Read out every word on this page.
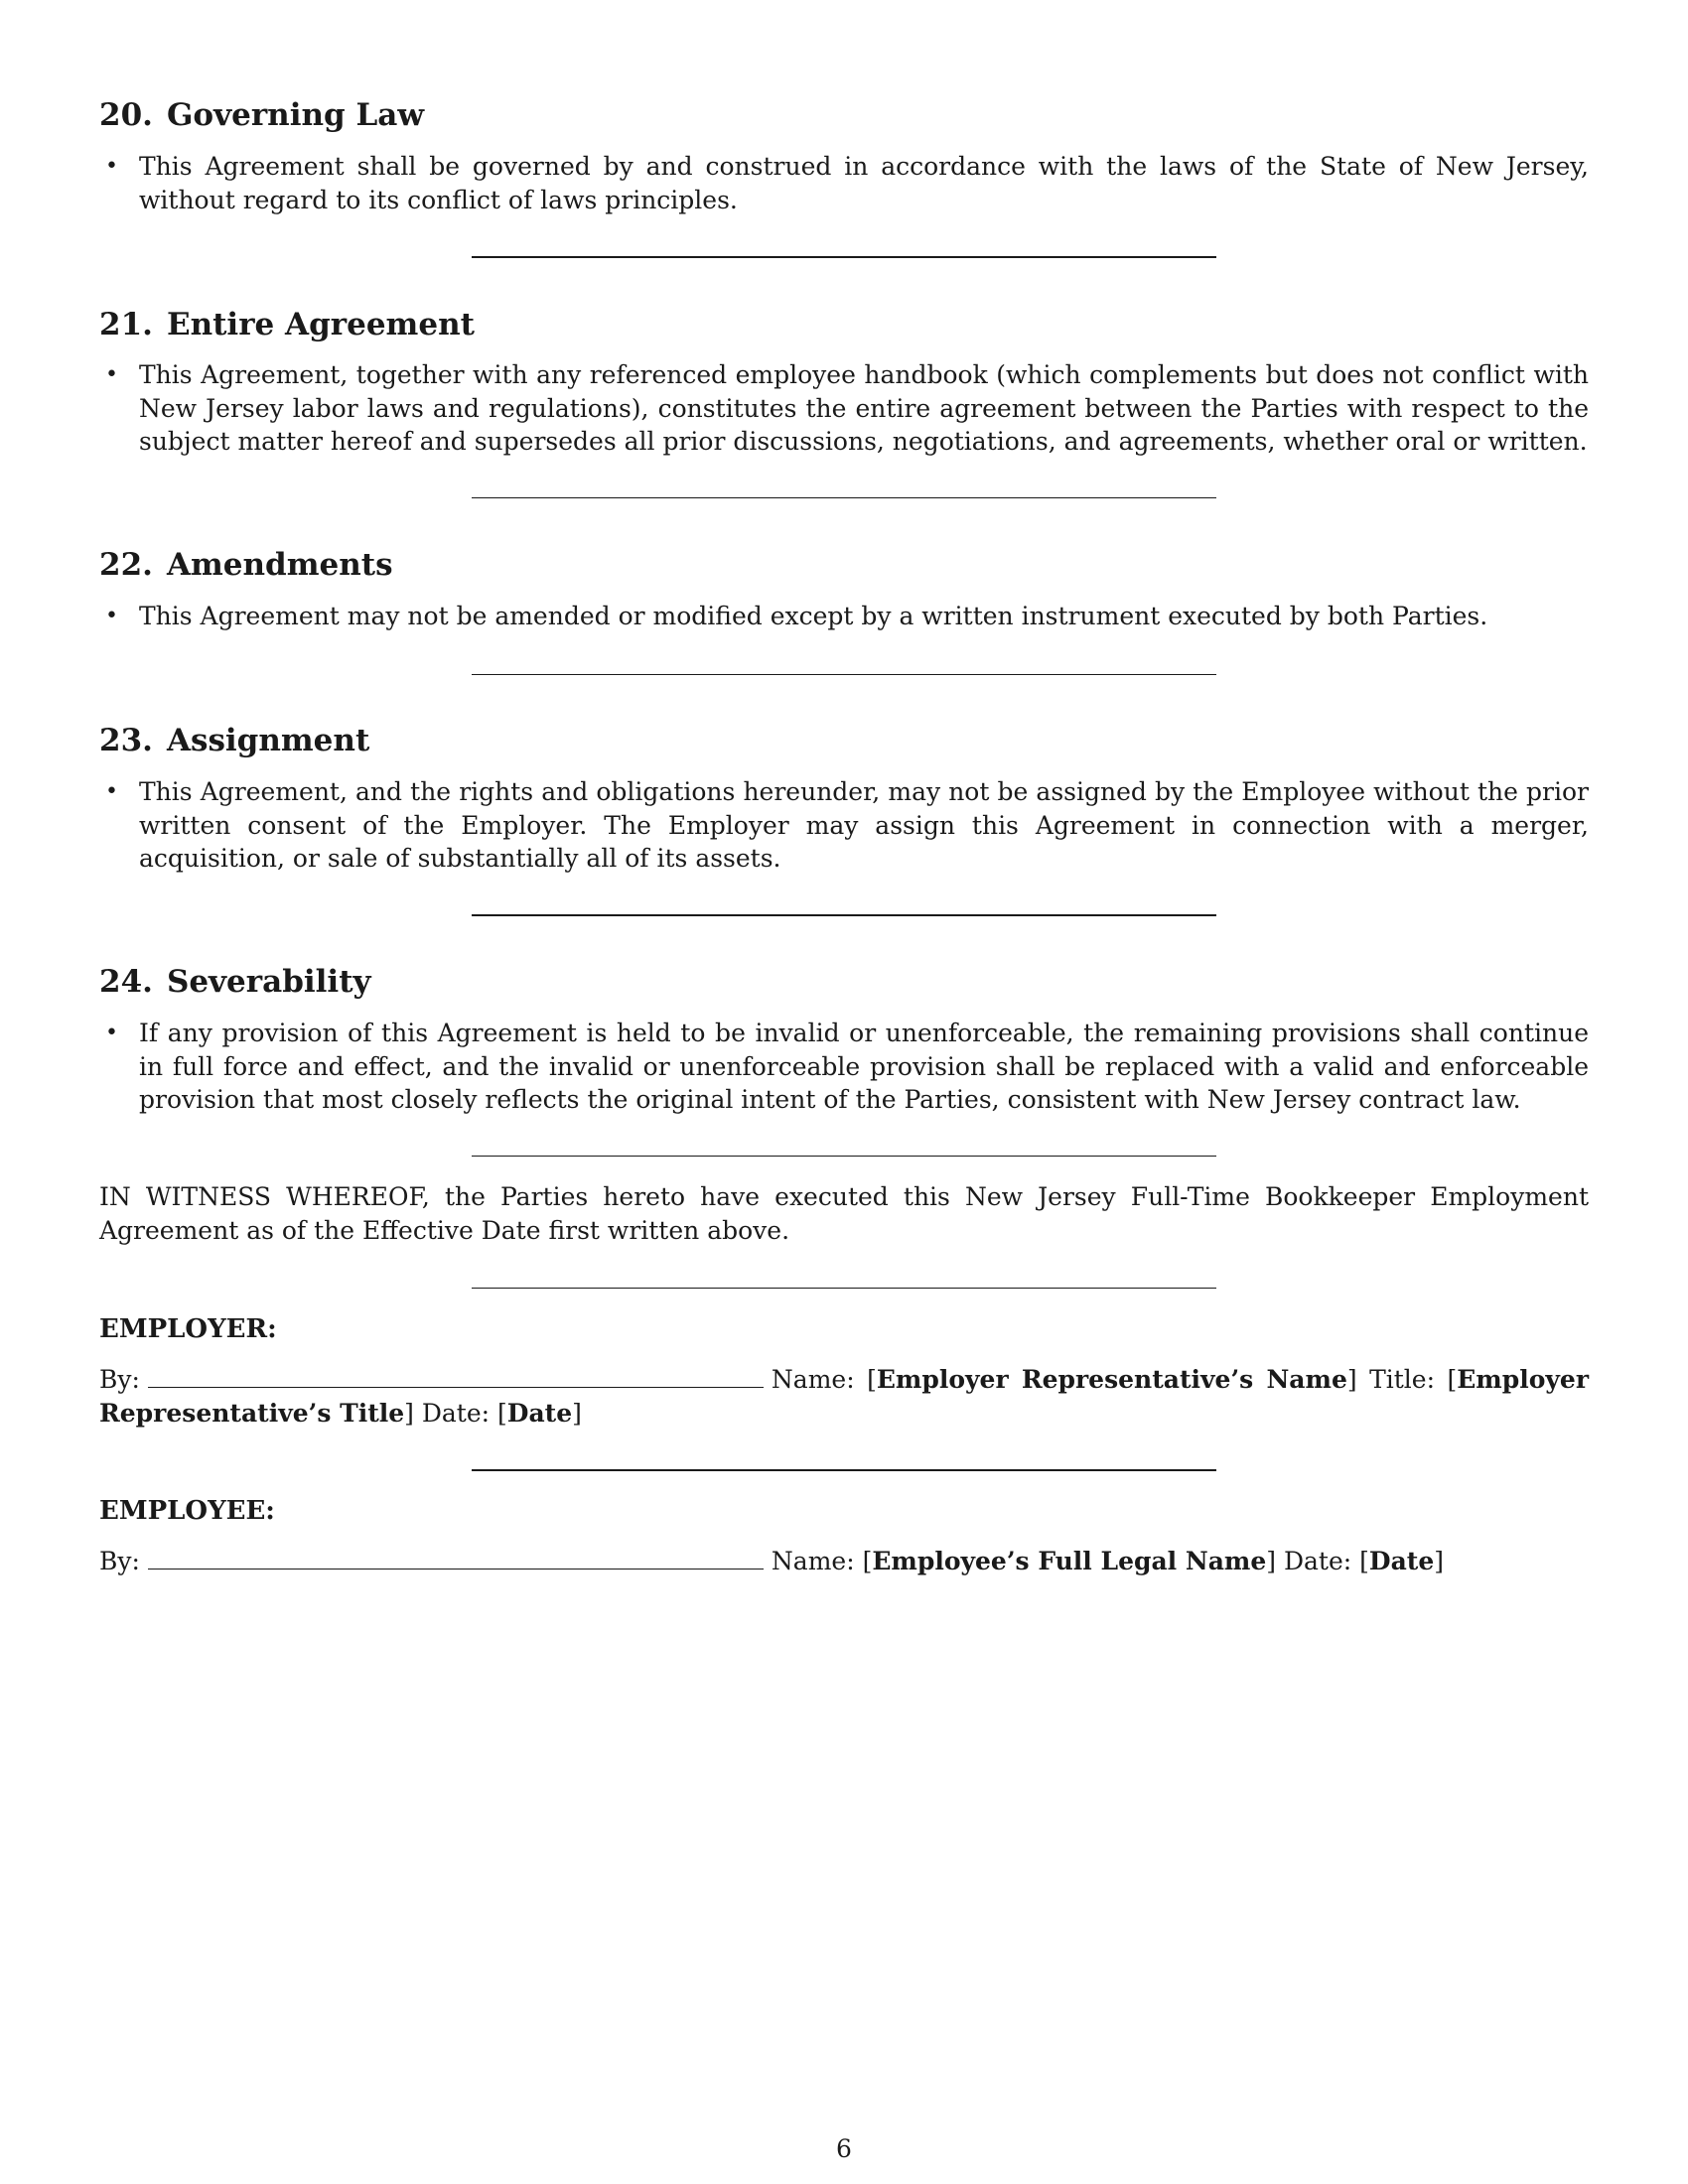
20. Governing Law

• This Agreement shall be governed by and construed in accordance with the laws of the State of New Jersey, without regard to its conflict of laws principles.

21. Entire Agreement

• This Agreement, together with any referenced employee handbook (which complements but does not conflict with New Jersey labor laws and regulations), constitutes the entire agreement between the Parties with respect to the subject matter hereof and supersedes all prior discussions, negotiations, and agreements, whether oral or written.

22. Amendments

• This Agreement may not be amended or modified except by a written instrument executed by both Parties.

23. Assignment

• This Agreement, and the rights and obligations hereunder, may not be assigned by the Employee without the prior written consent of the Employer. The Employer may assign this Agreement in connection with a merger, acquisition, or sale of substantially all of its assets.

24. Severability

• If any provision of this Agreement is held to be invalid or unenforceable, the remaining provisions shall continue in full force and effect, and the invalid or unenforceable provision shall be replaced with a valid and enforceable provision that most closely reflects the original intent of the Parties, consistent with New Jersey contract law.

IN WITNESS WHEREOF, the Parties hereto have executed this New Jersey Full-Time Bookkeeper Employment Agreement as of the Effective Date first written above.

EMPLOYER:

By:	Name: [Employer Representative’s Name] Title: [Employer Representative’s Title] Date: [Date]

EMPLOYEE:

By:	Name: [Employee’s Full Legal Name] Date: [Date]

6
